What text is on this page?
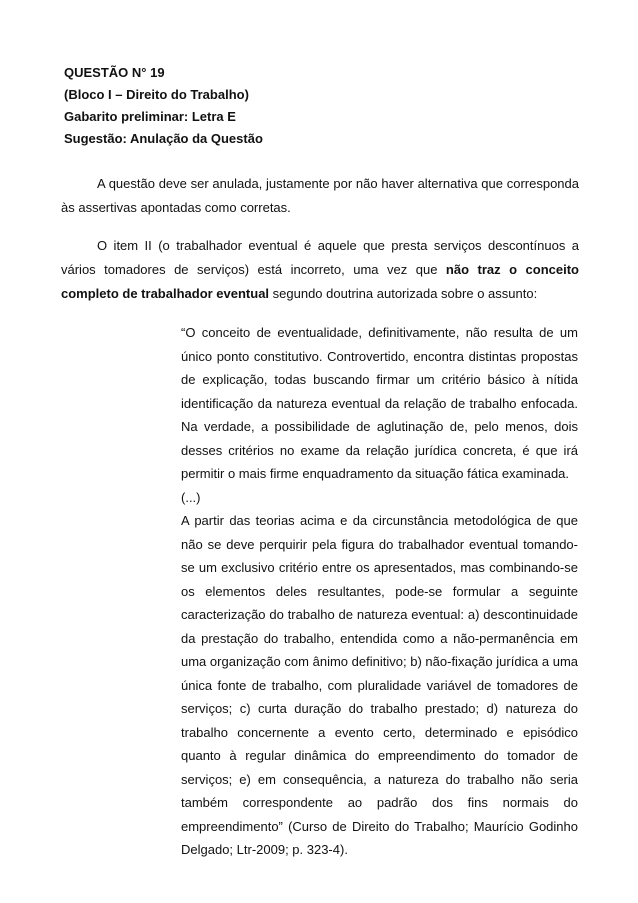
QUESTÃO N° 19
(Bloco I – Direito do Trabalho)
Gabarito preliminar: Letra E
Sugestão: Anulação da Questão
A questão deve ser anulada, justamente por não haver alternativa que corresponda às assertivas apontadas como corretas.
O item II (o trabalhador eventual é aquele que presta serviços descontínuos a vários tomadores de serviços) está incorreto, uma vez que não traz o conceito completo de trabalhador eventual segundo doutrina autorizada sobre o assunto:

“O conceito de eventualidade, definitivamente, não resulta de um único ponto constitutivo. Controvertido, encontra distintas propostas de explicação, todas buscando firmar um critério básico à nítida identificação da natureza eventual da relação de trabalho enfocada. Na verdade, a possibilidade de aglutinação de, pelo menos, dois desses critérios no exame da relação jurídica concreta, é que irá permitir o mais firme enquadramento da situação fática examinada.

(...)

A partir das teorias acima e da circunstância metodológica de que não se deve perquirir pela figura do trabalhador eventual tomando-se um exclusivo critério entre os apresentados, mas combinando-se os elementos deles resultantes, pode-se formular a seguinte caracterização do trabalho de natureza eventual: a) descontinuidade da prestação do trabalho, entendida como a não-permanência em uma organização com ânimo definitivo; b) não-fixação jurídica a uma única fonte de trabalho, com pluralidade variável de tomadores de serviços; c) curta duração do trabalho prestado; d) natureza do trabalho concernente a evento certo, determinado e episódico quanto à regular dinâmica do empreendimento do tomador de serviços; e) em consequência, a natureza do trabalho não seria também correspondente ao padrão dos fins normais do empreendimento” (Curso de Direito do Trabalho; Maurício Godinho Delgado; Ltr-2009; p. 323-4).
